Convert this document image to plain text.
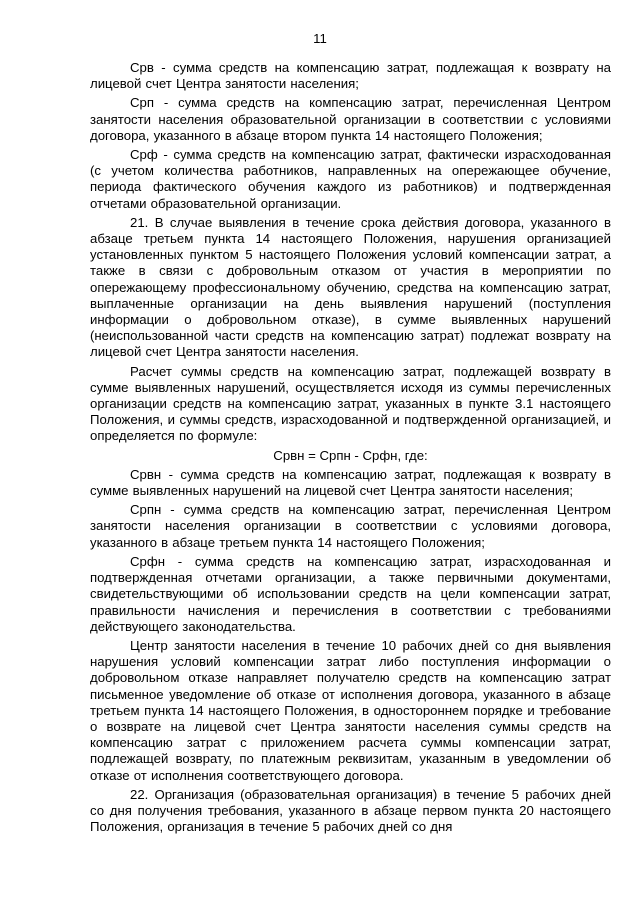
11

Срв - сумма средств на компенсацию затрат, подлежащая к возврату на лицевой счет Центра занятости населения;

Срп - сумма средств на компенсацию затрат, перечисленная Центром занятости населения образовательной организации в соответствии с условиями договора, указанного в абзаце втором пункта 14 настоящего Положения;

Срф - сумма средств на компенсацию затрат, фактически израсходованная (с учетом количества работников, направленных на опережающее обучение, периода фактического обучения каждого из работников) и подтвержденная отчетами образовательной организации.

21. В случае выявления в течение срока действия договора, указанного в абзаце третьем пункта 14 настоящего Положения, нарушения организацией установленных пунктом 5 настоящего Положения условий компенсации затрат, а также в связи с добровольным отказом от участия в мероприятии по опережающему профессиональному обучению, средства на компенсацию затрат, выплаченные организации на день выявления нарушений (поступления информации о добровольном отказе), в сумме выявленных нарушений (неиспользованной части средств на компенсацию затрат) подлежат возврату на лицевой счет Центра занятости населения.

Расчет суммы средств на компенсацию затрат, подлежащей возврату в сумме выявленных нарушений, осуществляется исходя из суммы перечисленных организации средств на компенсацию затрат, указанных в пункте 3.1 настоящего Положения, и суммы средств, израсходованной и подтвержденной организацией, и определяется по формуле:

Срвн = Српн - Срфн, где:

Срвн - сумма средств на компенсацию затрат, подлежащая к возврату в сумме выявленных нарушений на лицевой счет Центра занятости населения;

Српн - сумма средств на компенсацию затрат, перечисленная Центром занятости населения организации в соответствии с условиями договора, указанного в абзаце третьем пункта 14 настоящего Положения;

Срфн - сумма средств на компенсацию затрат, израсходованная и подтвержденная отчетами организации, а также первичными документами, свидетельствующими об использовании средств на цели компенсации затрат, правильности начисления и перечисления в соответствии с требованиями действующего законодательства.

Центр занятости населения в течение 10 рабочих дней со дня выявления нарушения условий компенсации затрат либо поступления информации о добровольном отказе направляет получателю средств на компенсацию затрат письменное уведомление об отказе от исполнения договора, указанного в абзаце третьем пункта 14 настоящего Положения, в одностороннем порядке и требование о возврате на лицевой счет Центра занятости населения суммы средств на компенсацию затрат с приложением расчета суммы компенсации затрат, подлежащей возврату, по платежным реквизитам, указанным в уведомлении об отказе от исполнения соответствующего договора.

22. Организация (образовательная организация) в течение 5 рабочих дней со дня получения требования, указанного в абзаце первом пункта 20 настоящего Положения, организация в течение 5 рабочих дней со дня
